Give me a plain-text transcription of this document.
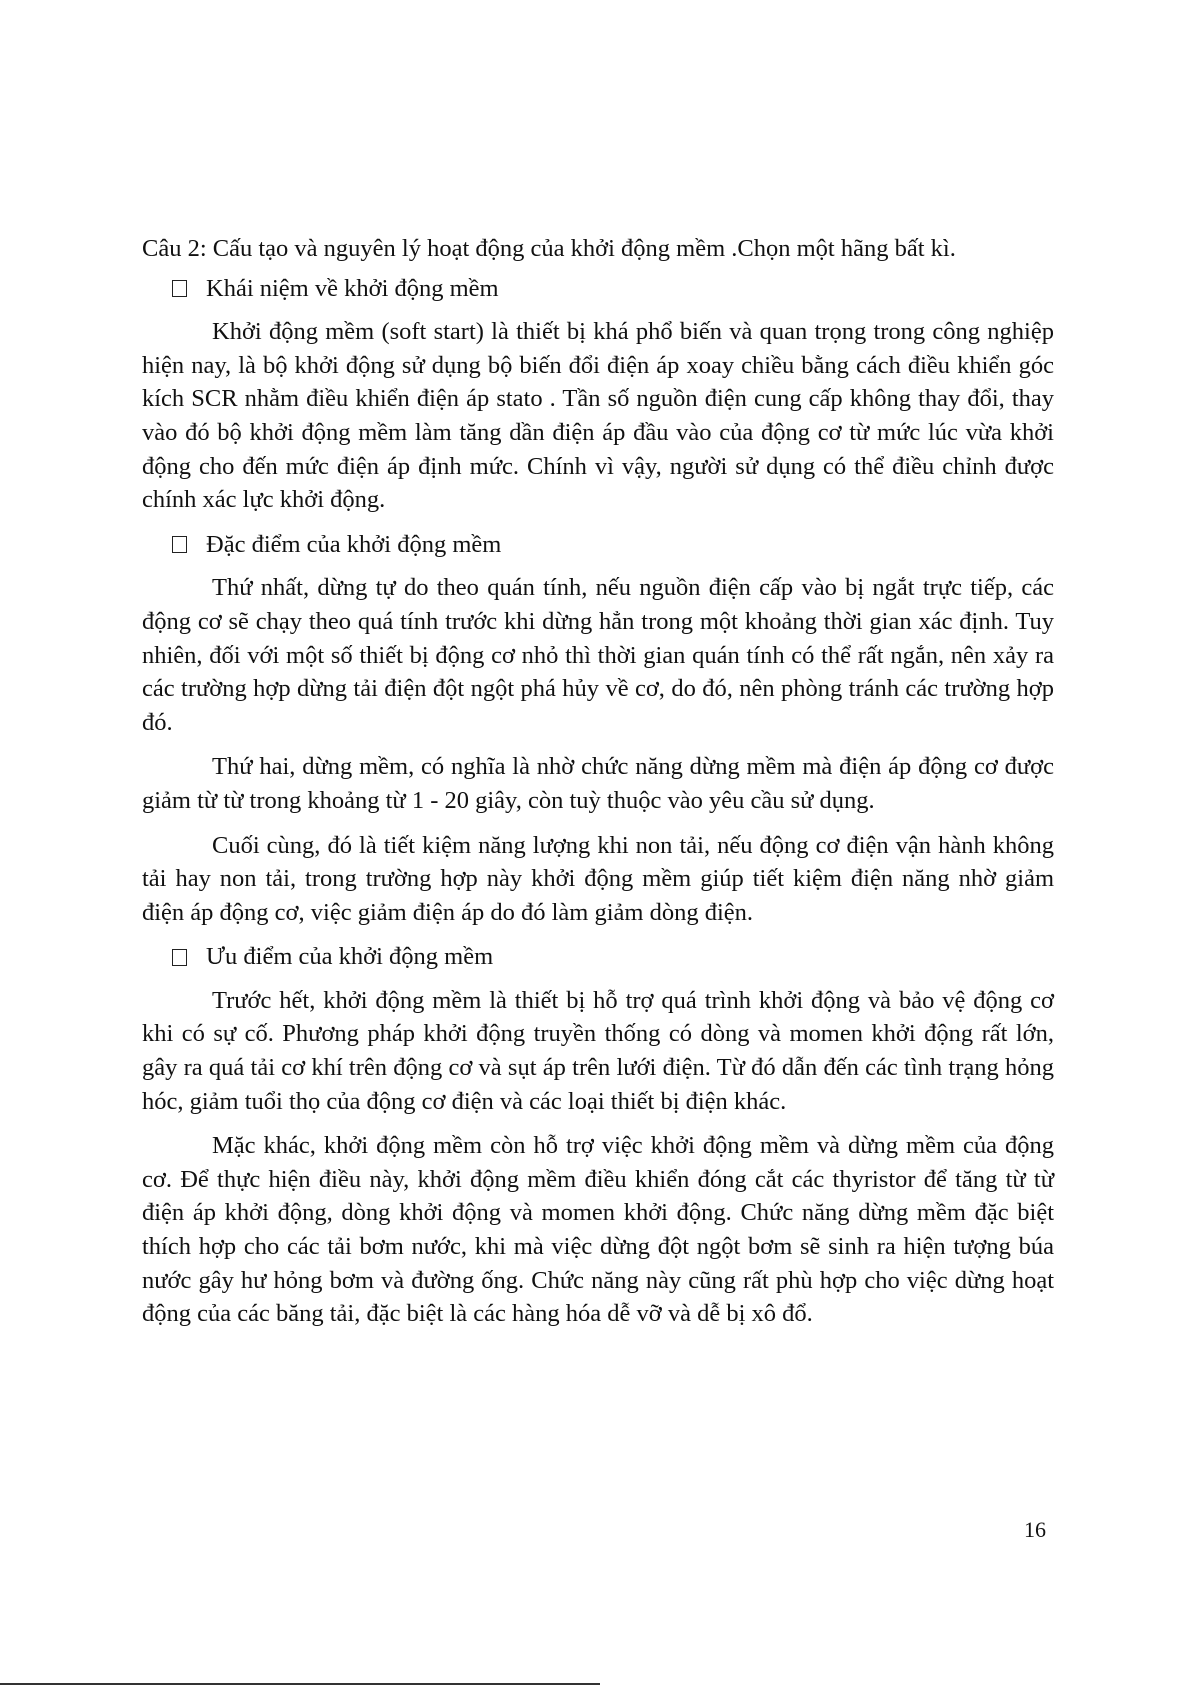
Câu 2: Cấu tạo và nguyên lý hoạt động của khởi động mềm .Chọn một hãng bất kì.

Khái niệm về khởi động mềm

Khởi động mềm (soft start) là thiết bị khá phổ biến và quan trọng trong công nghiệp hiện nay, là bộ khởi động sử dụng bộ biến đổi điện áp xoay chiều bằng cách điều khiển góc kích SCR nhằm điều khiển điện áp stato . Tần số nguồn điện cung cấp không thay đổi, thay vào đó bộ khởi động mềm làm tăng dần điện áp đầu vào của động cơ từ mức lúc vừa khởi động cho đến mức điện áp định mức. Chính vì vậy, người sử dụng có thể điều chỉnh được chính xác lực khởi động.

Đặc điểm của khởi động mềm

Thứ nhất, dừng tự do theo quán tính, nếu nguồn điện cấp vào bị ngắt trực tiếp, các động cơ sẽ chạy theo quá tính trước khi dừng hẳn trong một khoảng thời gian xác định. Tuy nhiên, đối với một số thiết bị động cơ nhỏ thì thời gian quán tính có thể rất ngắn, nên xảy ra các trường hợp dừng tải điện đột ngột phá hủy về cơ, do đó, nên phòng tránh các trường hợp đó.

Thứ hai, dừng mềm, có nghĩa là nhờ chức năng dừng mềm mà điện áp động cơ được giảm từ từ trong khoảng từ 1 - 20 giây, còn tuỳ thuộc vào yêu cầu sử dụng.

Cuối cùng, đó là tiết kiệm năng lượng khi non tải, nếu động cơ điện vận hành không tải hay non tải, trong trường hợp này khởi động mềm giúp tiết kiệm điện năng nhờ giảm điện áp động cơ, việc giảm điện áp do đó làm giảm dòng điện.

Ưu điểm của khởi động mềm

Trước hết, khởi động mềm là thiết bị hỗ trợ quá trình khởi động và bảo vệ động cơ khi có sự cố. Phương pháp khởi động truyền thống có dòng và momen khởi động rất lớn, gây ra quá tải cơ khí trên động cơ và sụt áp trên lưới điện. Từ đó dẫn đến các tình trạng hỏng hóc, giảm tuổi thọ của động cơ điện và các loại thiết bị điện khác.

Mặc khác, khởi động mềm còn hỗ trợ việc khởi động mềm và dừng mềm của động cơ. Để thực hiện điều này, khởi động mềm điều khiển đóng cắt các thyristor để tăng từ từ điện áp khởi động, dòng khởi động và momen khởi động. Chức năng dừng mềm đặc biệt thích hợp cho các tải bơm nước, khi mà việc dừng đột ngột bơm sẽ sinh ra hiện tượng búa nước gây hư hỏng bơm và đường ống. Chức năng này cũng rất phù hợp cho việc dừng hoạt động của các băng tải, đặc biệt là các hàng hóa dễ vỡ và dễ bị xô đổ.

16
